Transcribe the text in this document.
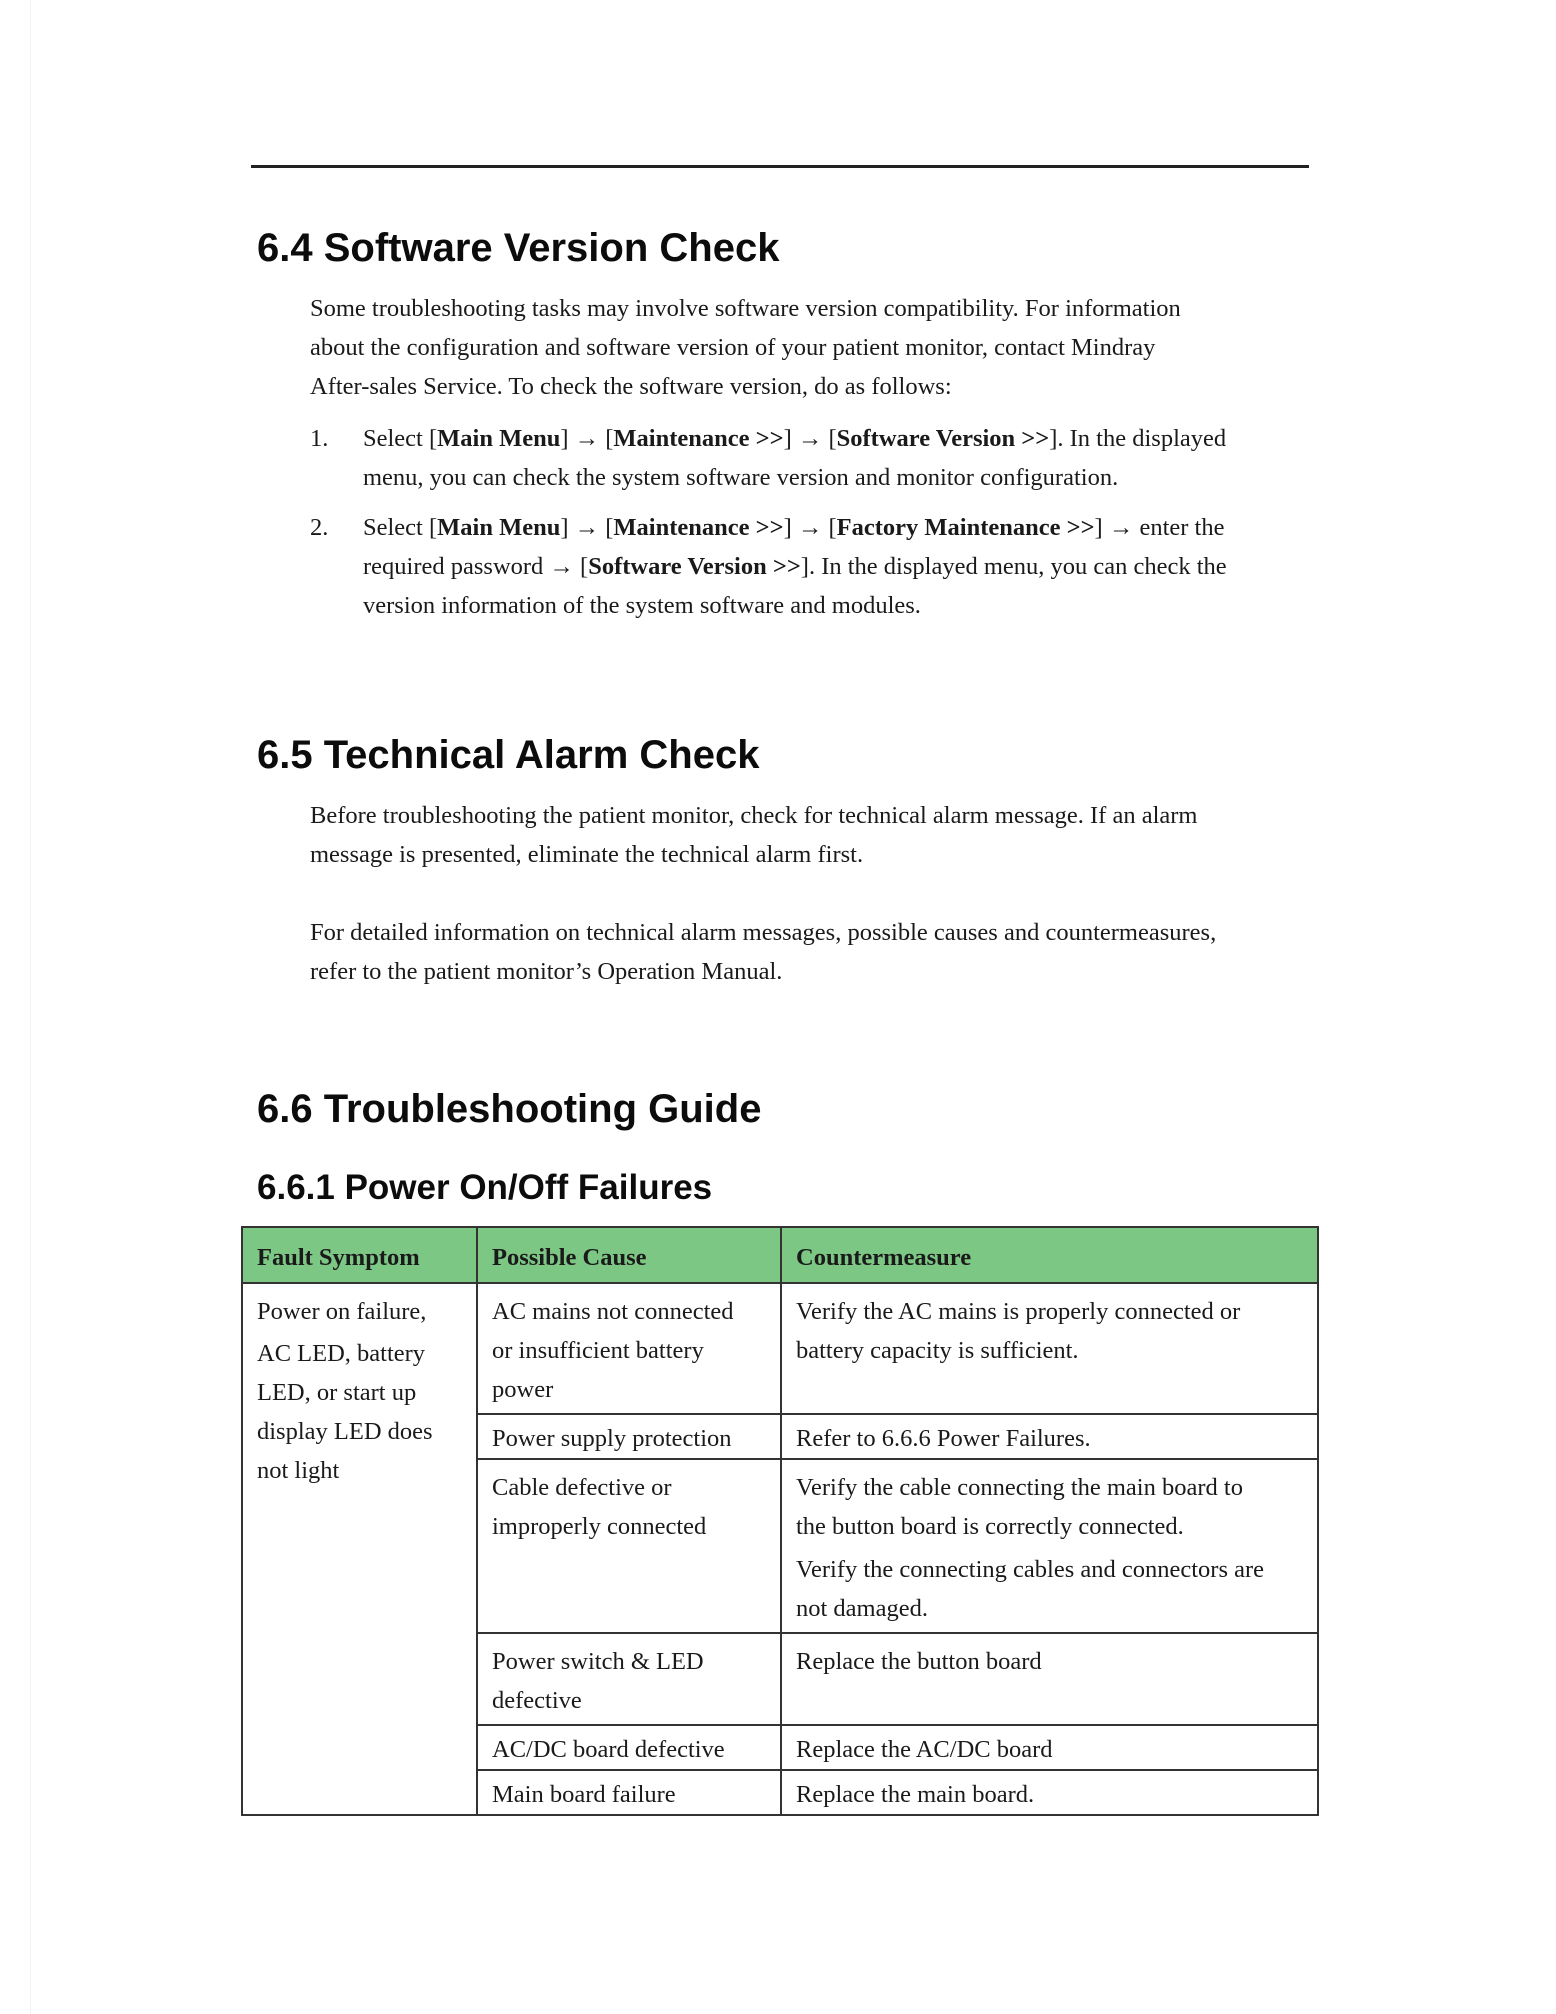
6.4 Software Version Check
Some troubleshooting tasks may involve software version compatibility. For information
about the configuration and software version of your patient monitor, contact Mindray
After-sales Service. To check the software version, do as follows:
1. Select [Main Menu] → [Maintenance >>] → [Software Version >>]. In the displayed
menu, you can check the system software version and monitor configuration.
2. Select [Main Menu] → [Maintenance >>] → [Factory Maintenance >>] → enter the
required password → [Software Version >>]. In the displayed menu, you can check the
version information of the system software and modules.
6.5 Technical Alarm Check
Before troubleshooting the patient monitor, check for technical alarm message. If an alarm
message is presented, eliminate the technical alarm first.
For detailed information on technical alarm messages, possible causes and countermeasures,
refer to the patient monitor’s Operation Manual.
6.6 Troubleshooting Guide
6.6.1 Power On/Off Failures
Fault Symptom	Possible Cause	Countermeasure

Power on failure,
AC LED, battery
LED, or start up
display LED does
not light	AC mains not connected
or insufficient battery
power	Verify the AC mains is properly connected or
battery capacity is sufficient.

	Power supply protection	Refer to 6.6.6 Power Failures.

	Cable defective or
improperly connected	Verify the cable connecting the main board to
the button board is correctly connected.
Verify the connecting cables and connectors are
not damaged.

	Power switch & LED
defective	Replace the button board

	AC/DC board defective	Replace the AC/DC board

	Main board failure	Replace the main board.
